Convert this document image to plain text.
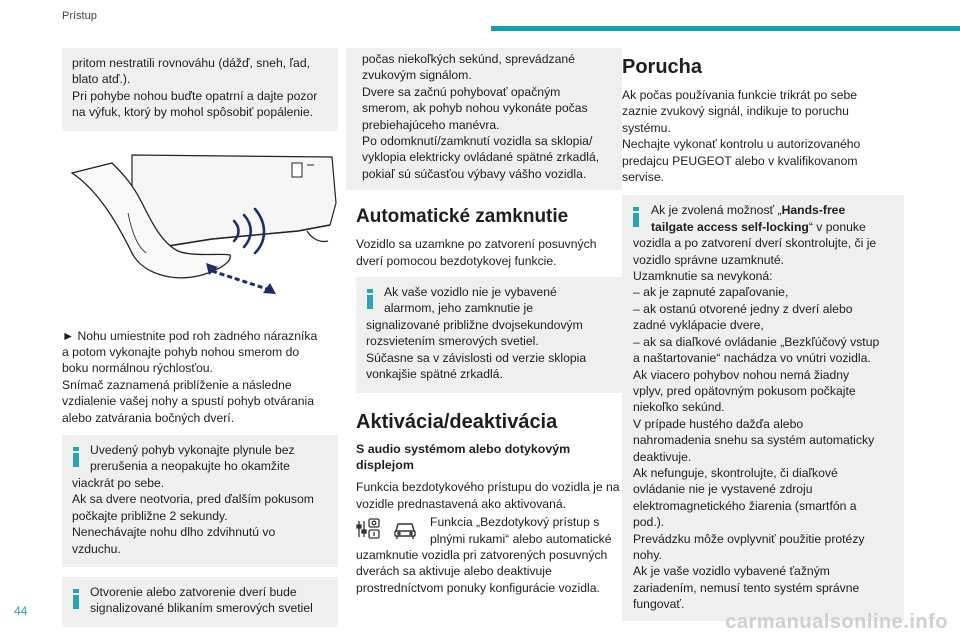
Prístup
pritom nestratili rovnováhu (dážď, sneh, ľad,
blato atď.).
Pri pohybe nohou buďte opatrní a dajte pozor
na výfuk, ktorý by mohol spôsobiť popálenie.

► Nohu umiestnite pod roh zadného nárazníka
a potom vykonajte pohyb nohou smerom do
boku normálnou rýchlosťou.
Snímač zaznamená priblíženie a následne
vzdialenie vašej nohy a spustí pohyb otvárania
alebo zatvárania bočných dverí.

Uvedený pohyb vykonajte plynule bez
prerušenia a neopakujte ho okamžite
viackrát po sebe.
Ak sa dvere neotvoria, pred ďalším pokusom
počkajte približne 2 sekundy.
Nenechávajte nohu dlho zdvihnutú vo
vzduchu.
Otvorenie alebo zatvorenie dverí bude
signalizované blikaním smerových svetiel
počas niekoľkých sekúnd, sprevádzané
zvukovým signálom.
Dvere sa začnú pohybovať opačným
smerom, ak pohyb nohou vykonáte počas
prebiehajúceho manévra.
Po odomknutí/zamknutí vozidla sa sklopia/
vyklopia elektricky ovládané spätné zrkadlá,
pokiaľ sú súčasťou výbavy vášho vozidla.
Automatické zamknutie

Vozidlo sa uzamkne po zatvorení posuvných
dverí pomocou bezdotykovej funkcie.

Ak vaše vozidlo nie je vybavené
alarmom, jeho zamknutie je
signalizované približne dvojsekundovým
rozsvietením smerových svetiel.
Súčasne sa v závislosti od verzie sklopia
vonkajšie spätné zrkadlá.
Aktivácia/deaktivácia
S audio systémom alebo dotykovým
displejom

Funkcia bezdotykového prístupu do vozidla je na
vozidle prednastavená ako aktivovaná.

Funkcia „Bezdotykový prístup s
plnými rukami“ alebo automatické
uzamknutie vozidla pri zatvorených posuvných
dverách sa aktivuje alebo deaktivuje
prostredníctvom ponuky konfigurácie vozidla.

Porucha

Ak počas používania funkcie trikrát po sebe
zaznie zvukový signál, indikuje to poruchu
systému.
Nechajte vykonať kontrolu u autorizovaného
predajcu PEUGEOT alebo v kvalifikovanom
servise.

Ak je zvolená možnosť „Hands-free
tailgate access self-locking“ v ponuke
vozidla a po zatvorení dverí skontrolujte, či je
vozidlo správne uzamknuté.
Uzamknutie sa nevykoná:
– ak je zapnuté zapaľovanie,
– ak ostanú otvorené jedny z dverí alebo
zadné vyklápacie dvere,
– ak sa diaľkové ovládanie „Bezkľúčový vstup
a naštartovanie“ nachádza vo vnútri vozidla.
Ak viacero pohybov nohou nemá žiadny
vplyv, pred opätovným pokusom počkajte
niekoľko sekúnd.
V prípade hustého dažďa alebo
nahromadenia snehu sa systém automaticky
deaktivuje.
Ak nefunguje, skontrolujte, či diaľkové
ovládanie nie je vystavené zdroju
elektromagnetického žiarenia (smartfón a
pod.).
Prevádzku môže ovplyvniť použitie protézy
nohy.
Ak je vaše vozidlo vybavené ťažným
zariadením, nemusí tento systém správne
fungovať.
44	carmanualsonline.info
